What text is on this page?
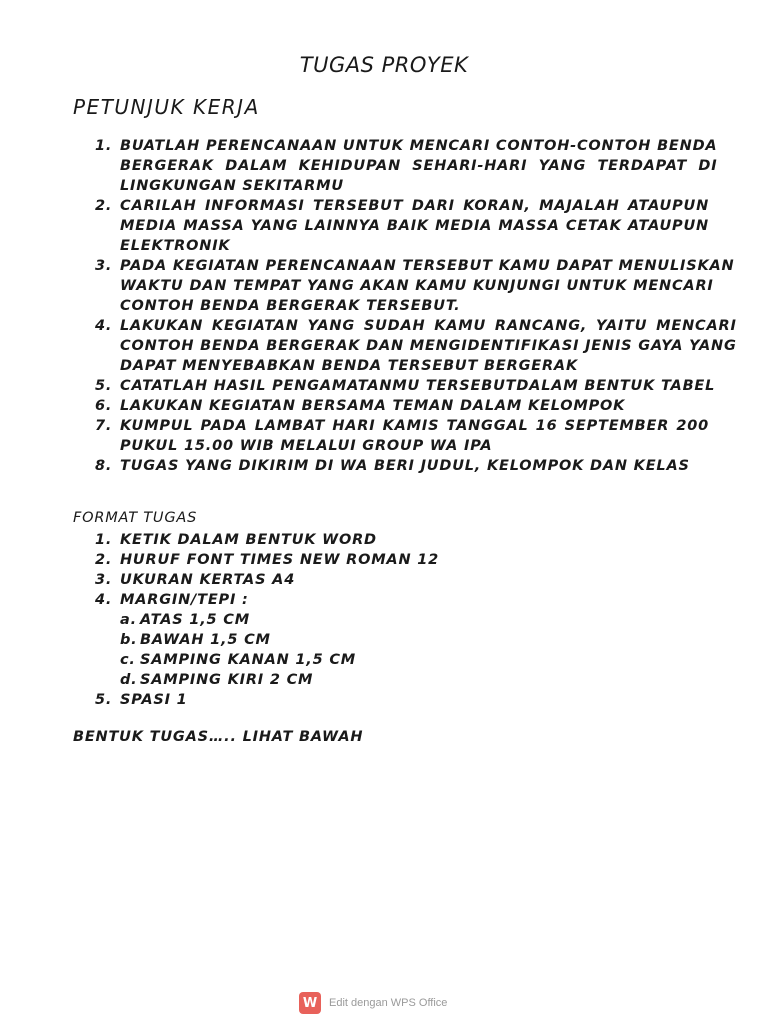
TUGAS PROYEK
PETUNJUK KERJA
1. BUATLAH PERENCANAAN UNTUK MENCARI CONTOH-CONTOH BENDA
BERGERAK DALAM KEHIDUPAN SEHARI-HARI YANG TERDAPAT DI
LINGKUNGAN SEKITARMU
2. CARILAH INFORMASI TERSEBUT DARI KORAN, MAJALAH ATAUPUN
MEDIA MASSA YANG LAINNYA BAIK MEDIA MASSA CETAK ATAUPUN
ELEKTRONIK
3. PADA KEGIATAN PERENCANAAN TERSEBUT KAMU DAPAT MENULISKAN
WAKTU DAN TEMPAT YANG AKAN KAMU KUNJUNGI UNTUK MENCARI
CONTOH BENDA BERGERAK TERSEBUT.
4. LAKUKAN KEGIATAN YANG SUDAH KAMU RANCANG, YAITU MENCARI
CONTOH BENDA BERGERAK DAN MENGIDENTIFIKASI JENIS GAYA YANG
DAPAT MENYEBABKAN BENDA TERSEBUT BERGERAK
5. CATATLAH HASIL PENGAMATANMU TERSEBUTDALAM BENTUK TABEL
6. LAKUKAN KEGIATAN BERSAMA TEMAN DALAM KELOMPOK
7. KUMPUL PADA LAMBAT HARI KAMIS TANGGAL 16 SEPTEMBER 200
PUKUL 15.00 WIB MELALUI GROUP WA IPA
8. TUGAS YANG DIKIRIM DI WA BERI JUDUL, KELOMPOK DAN KELAS
FORMAT TUGAS
1. KETIK DALAM BENTUK WORD
2. HURUF FONT TIMES NEW ROMAN 12
3. UKURAN KERTAS A4
4. MARGIN/TEPI :
a. ATAS 1,5 CM
b. BAWAH 1,5 CM
c. SAMPING KANAN 1,5 CM
d. SAMPING KIRI 2 CM
5. SPASI 1
BENTUK TUGAS….. LIHAT BAWAH
W	Edit dengan WPS Office
